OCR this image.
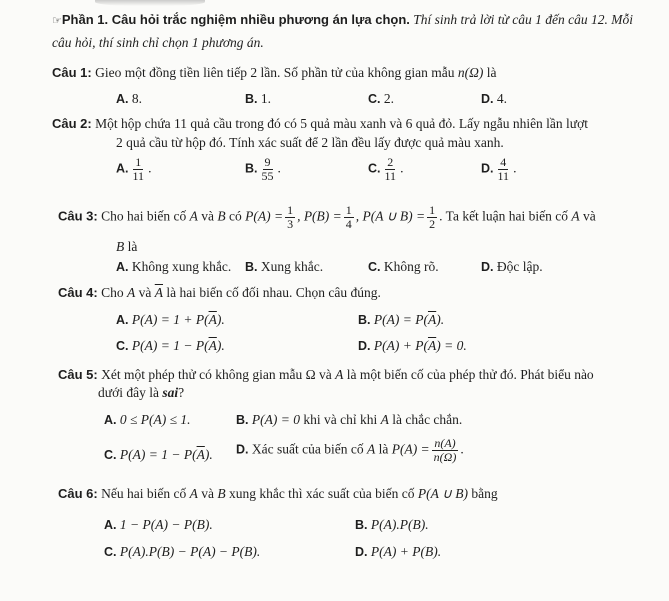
☞Phần 1. Câu hỏi trắc nghiệm nhiều phương án lựa chọn. Thí sinh trả lời từ câu 1 đến câu 12. Mỗi
câu hỏi, thí sinh chỉ chọn 1 phương án.
Câu 1: Gieo một đồng tiền liên tiếp 2 lần. Số phần tử của không gian mẫu n(Ω) là
A. 8.	B. 1.	C. 2.	D. 4.
Câu 2: Một hộp chứa 11 quả cầu trong đó có 5 quả màu xanh và 6 quả đỏ. Lấy ngẫu nhiên lần lượt
2 quả cầu từ hộp đó. Tính xác suất để 2 lần đều lấy được quả màu xanh.
A. $\frac{1}{11}$ .	B. $\frac{9}{55}$ .	C. $\frac{2}{11}$ .	D. $\frac{4}{11}$ .
Câu 3: Cho hai biến cố A và B có $P(A) = \frac{1}{3}$ , $P(B) = \frac{1}{4}$ , P(A ∪ $B) = \frac{1}{2}$ . Ta kết luận hai biến cố A và
B là
A. Không xung khắc. B. Xung khắc.	C. Không rõ.	D. Độc lập.
Câu 4: Cho A và $\overline{A}$ là hai biến cố đối nhau. Chọn câu đúng.
A. $P(A) = 1 + P(\overline{A})$.	B. $P(A) = P(\overline{A})$.
C. $P(A) = 1 - P(\overline{A})$.	D. $P(A) + P(\overline{A}) = 0$.
Câu 5: Xét một phép thử có không gian mẫu Ω và A là một biến cố của phép thử đó. Phát biểu nào
dưới đây là sai?
A. 0 ≤ P(A) ≤ 1.	B. P(A) = 0 khi và chỉ khi A là chắc chắn.
C. $P(A) = 1 - P(\overline{A})$. D. Xác suất của biến cố A là $P(A) = \frac{n(A)}{n(\Omega)}$ .
Câu 6: Nếu hai biến cố A và B xung khắc thì xác suất của biến cố P(A ∪ B) bằng
A. 1 − P(A) − P(B).	B. P(A).P(B).
C. P(A).P(B) − P(A) − P(B).	D. P(A) + P(B).
